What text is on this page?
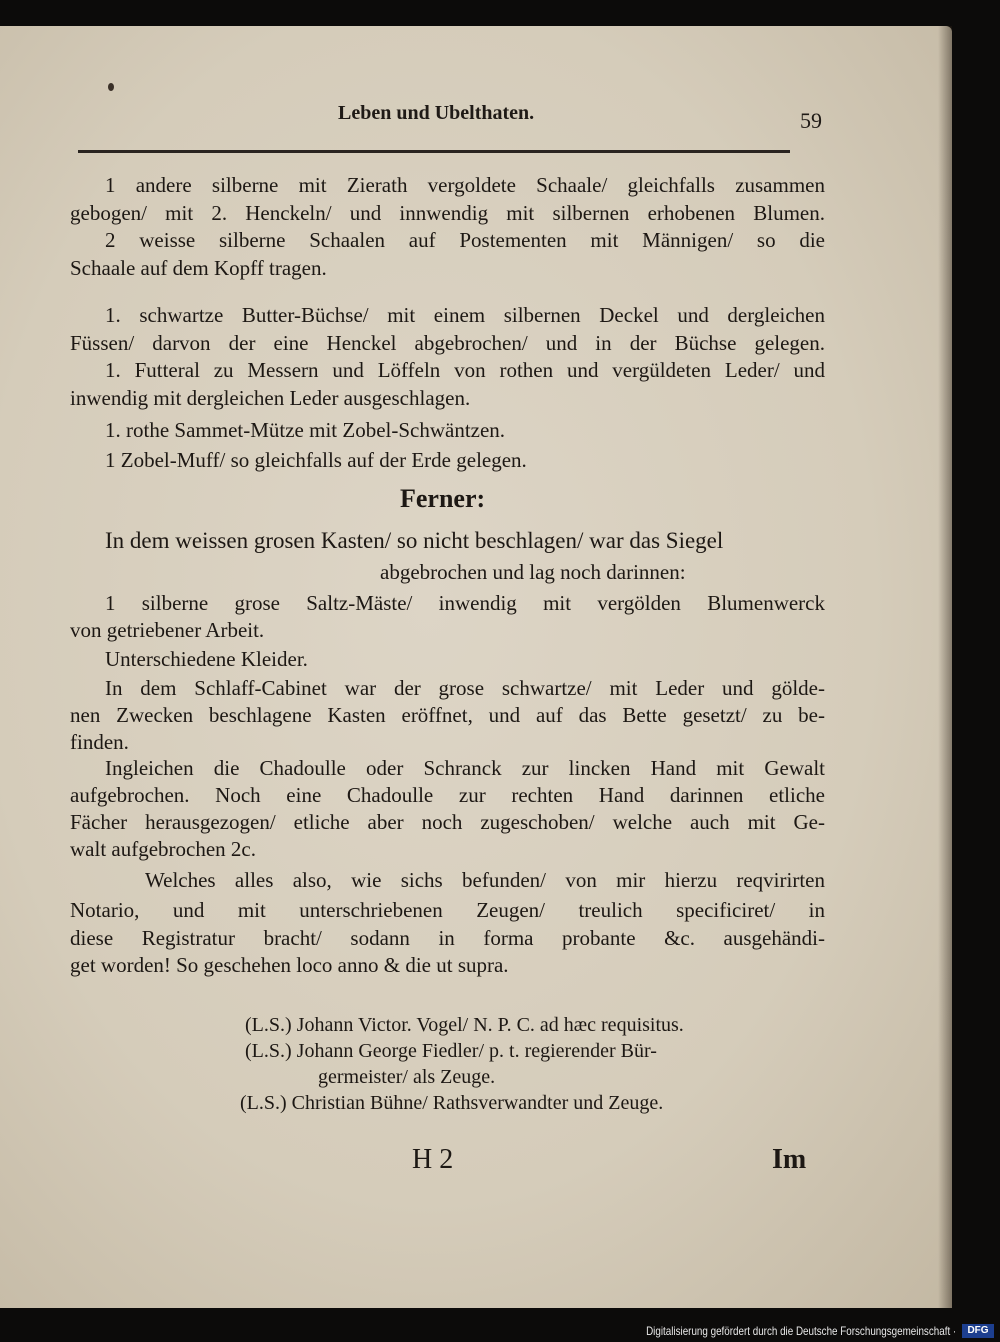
Leben und Ubelthaten.	59
1 andere silberne mit Zierath vergoldete Schaale/ gleichfalls zusammen
gebogen/ mit 2. Henckeln/ und innwendig mit silbernen erhobenen Blumen.
2 weisse silberne Schaalen auf Postementen mit Männigen/ so die
Schaale auf dem Kopff tragen.
1. schwartze Butter-Büchse/ mit einem silbernen Deckel und dergleichen
Füssen/ darvon der eine Henckel abgebrochen/ und in der Büchse gelegen.
1. Futteral zu Messern und Löffeln von rothen und vergüldeten Leder/ und
inwendig mit dergleichen Leder ausgeschlagen.
1. rothe Sammet-Mütze mit Zobel-Schwäntzen.
1 Zobel-Muff/ so gleichfalls auf der Erde gelegen.
Ferner:
In dem weissen grosen Kasten/ so nicht beschlagen/ war das Siegel
abgebrochen und lag noch darinnen:
1 silberne grose Saltz-Mäste/ inwendig mit vergölden Blumenwerck
von getriebener Arbeit.
Unterschiedene Kleider.
In dem Schlaff-Cabinet war der grose schwartze/ mit Leder und gölde-
nen Zwecken beschlagene Kasten eröffnet, und auf das Bette gesetzt/ zu be-
finden.
Ingleichen die Chadoulle oder Schranck zur lincken Hand mit Gewalt
aufgebrochen. Noch eine Chadoulle zur rechten Hand darinnen etliche
Fächer herausgezogen/ etliche aber noch zugeschoben/ welche auch mit Ge-
walt aufgebrochen 2c.
Welches alles also, wie sichs befunden/ von mir hierzu reqvirirten
Notario, und mit unterschriebenen Zeugen/ treulich specificiret/ in
diese Registratur bracht/ sodann in forma probante &c. ausgehändi-
get worden! So geschehen loco anno & die ut supra.
(L.S.) Johann Victor. Vogel/ N. P. C. ad hæc requisitus.
(L.S.) Johann George Fiedler/ p. t. regierender Bür-
germeister/ als Zeuge.
(L.S.) Christian Bühne/ Rathsverwandter und Zeuge.
H 2	Im
Digitalisierung gefördert durch die Deutsche Forschungsgemeinschaft ·	DFG
